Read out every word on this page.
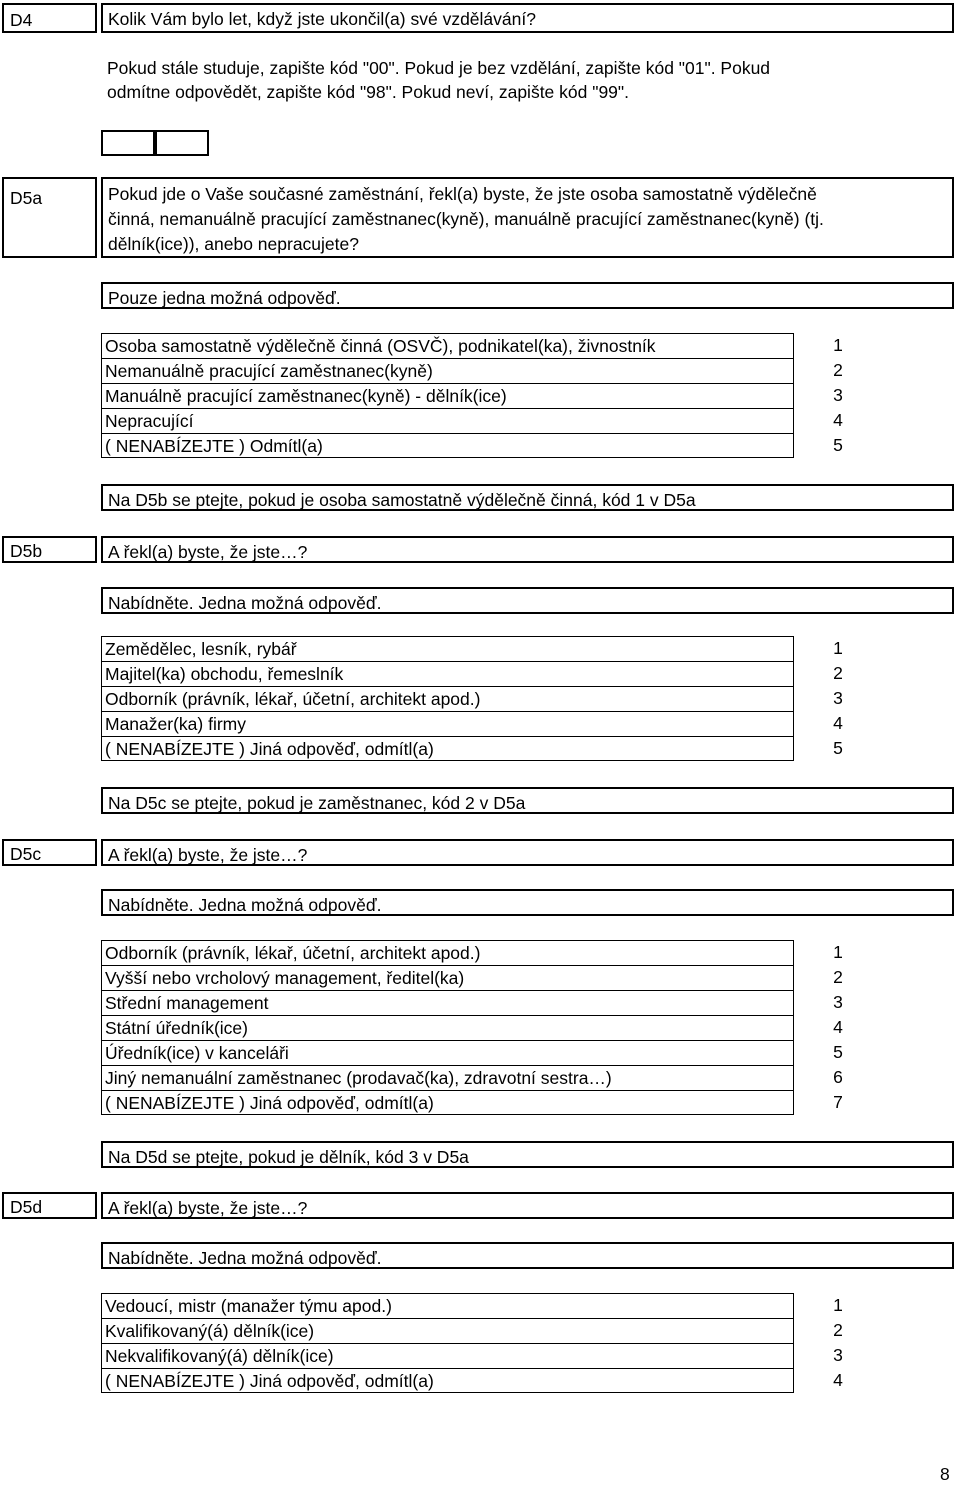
D4	Kolik Vám bylo let, když jste ukončil(a) své vzdělávání?
Pokud stále studuje, zapište kód "00". Pokud je bez vzdělání, zapište kód "01". Pokud
odmítne odpovědět, zapište kód "98". Pokud neví, zapište kód "99".
D5a	Pokud jde o Vaše současné zaměstnání, řekl(a) byste, že jste osoba samostatně výdělečně
činná, nemanuálně pracující zaměstnanec(kyně), manuálně pracující zaměstnanec(kyně) (tj.
dělník(ice)), anebo nepracujete?
Pouze jedna možná odpověď.
Osoba samostatně výdělečně činná (OSVČ), podnikatel(ka), živnostník	1
Nemanuálně pracující zaměstnanec(kyně)	2
Manuálně pracující zaměstnanec(kyně) - dělník(ice)	3
Nepracující	4
( NENABÍZEJTE ) Odmítl(a)	5
Na D5b se ptejte, pokud je osoba samostatně výdělečně činná, kód 1 v D5a
D5b	A řekl(a) byste, že jste…?
Nabídněte. Jedna možná odpověď.
Zemědělec, lesník, rybář	1
Majitel(ka) obchodu, řemeslník	2
Odborník (právník, lékař, účetní, architekt apod.)	3
Manažer(ka) firmy	4
( NENABÍZEJTE ) Jiná odpověď, odmítl(a)	5
Na D5c se ptejte, pokud je zaměstnanec, kód 2 v D5a
D5c	A řekl(a) byste, že jste…?
Nabídněte. Jedna možná odpověď.
Odborník (právník, lékař, účetní, architekt apod.)	1
Vyšší nebo vrcholový management, ředitel(ka)	2
Střední management	3
Státní úředník(ice)	4
Úředník(ice) v kanceláři	5
Jiný nemanuální zaměstnanec (prodavač(ka), zdravotní sestra…)	6
( NENABÍZEJTE ) Jiná odpověď, odmítl(a)	7
Na D5d se ptejte, pokud je dělník, kód 3 v D5a
D5d	A řekl(a) byste, že jste…?
Nabídněte. Jedna možná odpověď.
Vedoucí, mistr (manažer týmu apod.)	1
Kvalifikovaný(á) dělník(ice)	2
Nekvalifikovaný(á) dělník(ice)	3
( NENABÍZEJTE ) Jiná odpověď, odmítl(a)	4
8
